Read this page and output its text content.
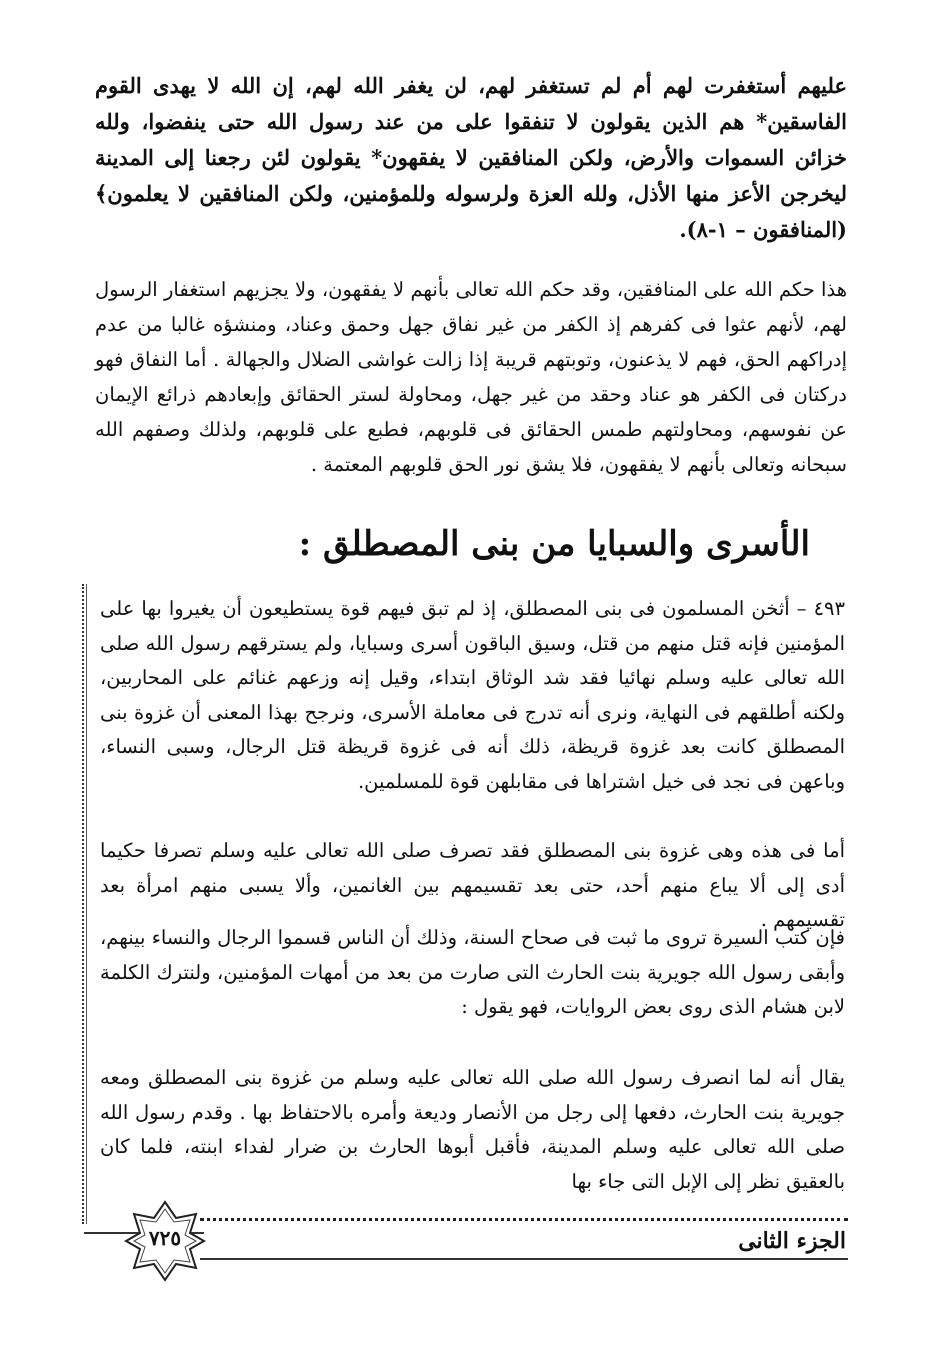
عليهم أستغفرت لهم أم لم تستغفر لهم، لن يغفر الله لهم، إن الله لا يهدى القوم الفاسقين* هم الذين يقولون لا تنفقوا على من عند رسول الله حتى ينفضوا، ولله خزائن السموات والأرض، ولكن المنافقين لا يفقهون* يقولون لئن رجعنا إلى المدينة ليخرجن الأعز منها الأذل، ولله العزة ولرسوله وللمؤمنين، ولكن المنافقين لا يعلمون﴾ (المنافقون – ١-٨).
هذا حكم الله على المنافقين، وقد حكم الله تعالى بأنهم لا يفقهون، ولا يجزيهم استغفار الرسول لهم، لأنهم عثوا فى كفرهم إذ الكفر من غير نفاق جهل وحمق وعناد، ومنشؤه غالبا من عدم إدراكهم الحق، فهم لا يذعنون، وتوبتهم قريبة إذا زالت غواشى الضلال والجهالة . أما النفاق فهو دركتان فى الكفر هو عناد وحقد من غير جهل، ومحاولة لستر الحقائق وإبعادهم ذرائع الإيمان عن نفوسهم، ومحاولتهم طمس الحقائق فى قلوبهم، فطبع على قلوبهم، ولذلك وصفهم الله سبحانه وتعالى بأنهم لا يفقهون، فلا يشق نور الحق قلوبهم المعتمة .
الأسرى والسبايا من بنى المصطلق :
٤٩٣ – أثخن المسلمون فى بنى المصطلق، إذ لم تبق فيهم قوة يستطيعون أن يغيروا بها على المؤمنين فإنه قتل منهم من قتل، وسيق الباقون أسرى وسبايا، ولم يسترقهم رسول الله صلى الله تعالى عليه وسلم نهائيا فقد شد الوثاق ابتداء، وقيل إنه وزعهم غنائم على المحاربين، ولكنه أطلقهم فى النهاية، ونرى أنه تدرج فى معاملة الأسرى، ونرجح بهذا المعنى أن غزوة بنى المصطلق كانت بعد غزوة قريظة، ذلك أنه فى غزوة قريظة قتل الرجال، وسبى النساء، وباعهن فى نجد فى خيل اشتراها فى مقابلهن قوة للمسلمين.
أما فى هذه وهى غزوة بنى المصطلق فقد تصرف صلى الله تعالى عليه وسلم تصرفا حكيما أدى إلى ألا يباع منهم أحد، حتى بعد تقسيمهم بين الغانمين، وألا يسبى منهم امرأة بعد تقسيمهم .
فإن كتب السيرة تروى ما ثبت فى صحاح السنة، وذلك أن الناس قسموا الرجال والنساء بينهم، وأبقى رسول الله جويرية بنت الحارث التى صارت من بعد من أمهات المؤمنين، ولنترك الكلمة لابن هشام الذى روى بعض الروايات، فهو يقول :
يقال أنه لما انصرف رسول الله صلى الله تعالى عليه وسلم من غزوة بنى المصطلق ومعه جويرية بنت الحارث، دفعها إلى رجل من الأنصار وديعة وأمره بالاحتفاظ بها . وقدم رسول الله صلى الله تعالى عليه وسلم المدينة، فأقبل أبوها الحارث بن ضرار لفداء ابنته، فلما كان بالعقيق نظر إلى الإبل التى جاء بها
الجزء الثانى
٧٢٥
